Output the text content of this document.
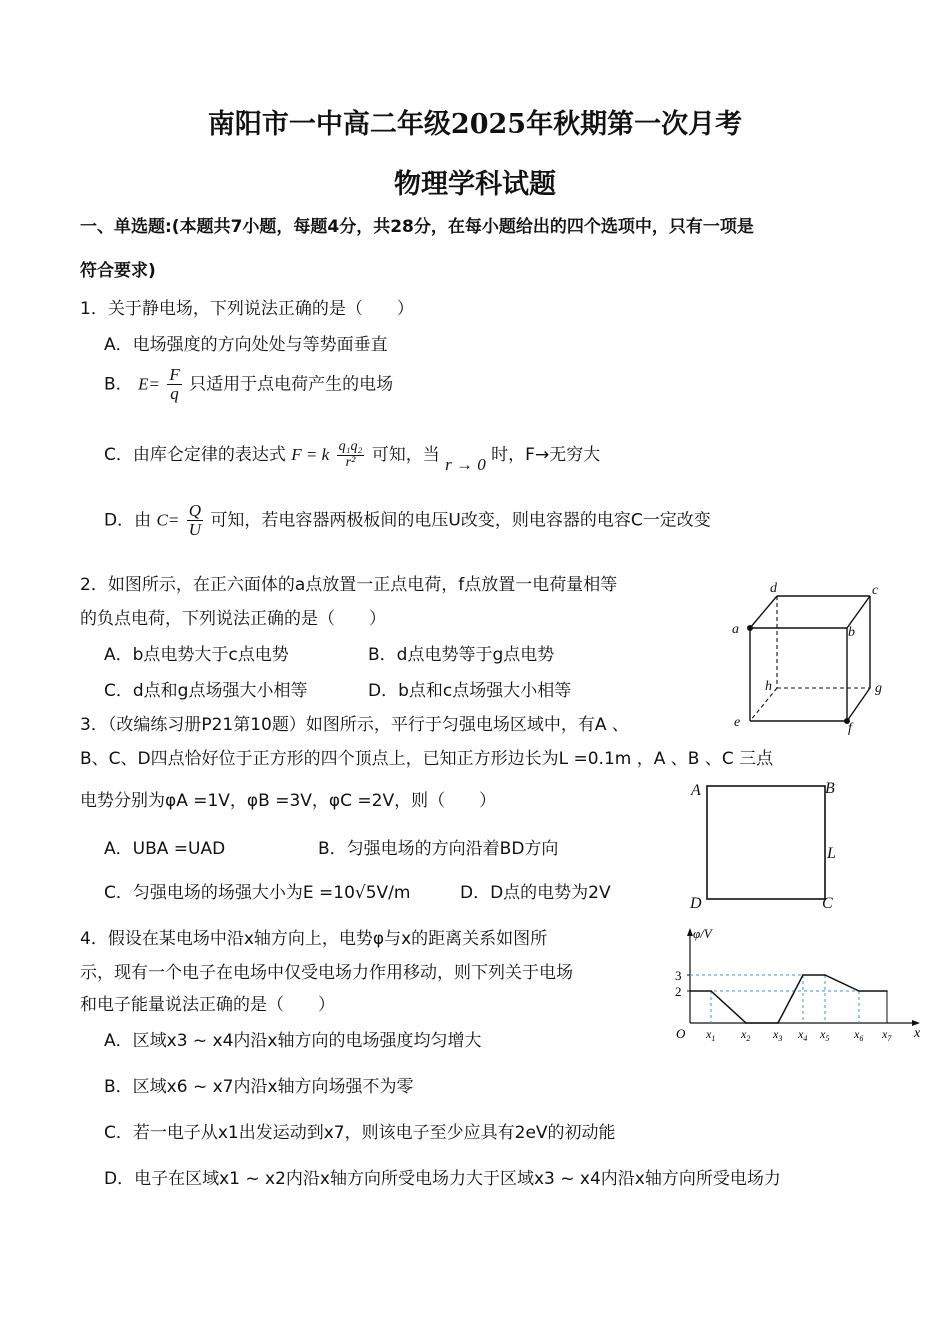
南阳市一中高二年级2025年秋期第一次月考
物理学科试题
一、单选题:(本题共7小题，每题4分，共28分，在每小题给出的四个选项中，只有一项是
符合要求)
1．关于静电场，下列说法正确的是（　　）
A．电场强度的方向处处与等势面垂直
B． $E= \frac{F}{q}$ 只适用于点电荷产生的电场
C．由库仑定律的表达式 F = k $\frac{\text{q₁q₂}}{\text{r²}}$ 可知，当 r → 0 时，F→无穷大
D．由 $C= \frac{Q}{U}$ 可知，若电容器两极板间的电压U改变，则电容器的电容C一定改变
2．如图所示，在正六面体的a点放置一正点电荷，f点放置一电荷量相等
的负点电荷，下列说法正确的是（　　）
A．b点电势大于c点电势	B．d点电势等于g点电势
C．d点和g点场强大小相等	D．b点和c点场强大小相等
a	b
c
d
e	f
g
h
3．（改编练习册P21第10题）如图所示，平行于匀强电场区域中，有A 、
B、C、D四点恰好位于正方形的四个顶点上，已知正方形边长为L =0.1m ，A 、B 、C 三点
电势分别为φA =1V，φB =3V，φC =2V，则（　　）
A．UBA =UAD	B．匀强电场的方向沿着BD方向
C．匀强电场的场强大小为E =10√5V/m	D．D点的电势为2V
A	B
C
D
L
4．假设在某电场中沿x轴方向上，电势φ与x的距离关系如图所
示，现有一个电子在电场中仅受电场力作用移动，则下列关于电场
和电子能量说法正确的是（　　）
A．区域x3 ~ x4内沿x轴方向的电场强度均匀增大
B．区域x6 ~ x7内沿x轴方向场强不为零
C．若一电子从x1出发运动到x7，则该电子至少应具有2eV的初动能
D．电子在区域x1 ~ x2内沿x轴方向所受电场力大于区域x3 ~ x4内沿x轴方向所受电场力
φ/V
x
2
3
O $x_1$ $x_2$ $x_3$ $x_4$ $x_5$ $x_6$ $x_7$
